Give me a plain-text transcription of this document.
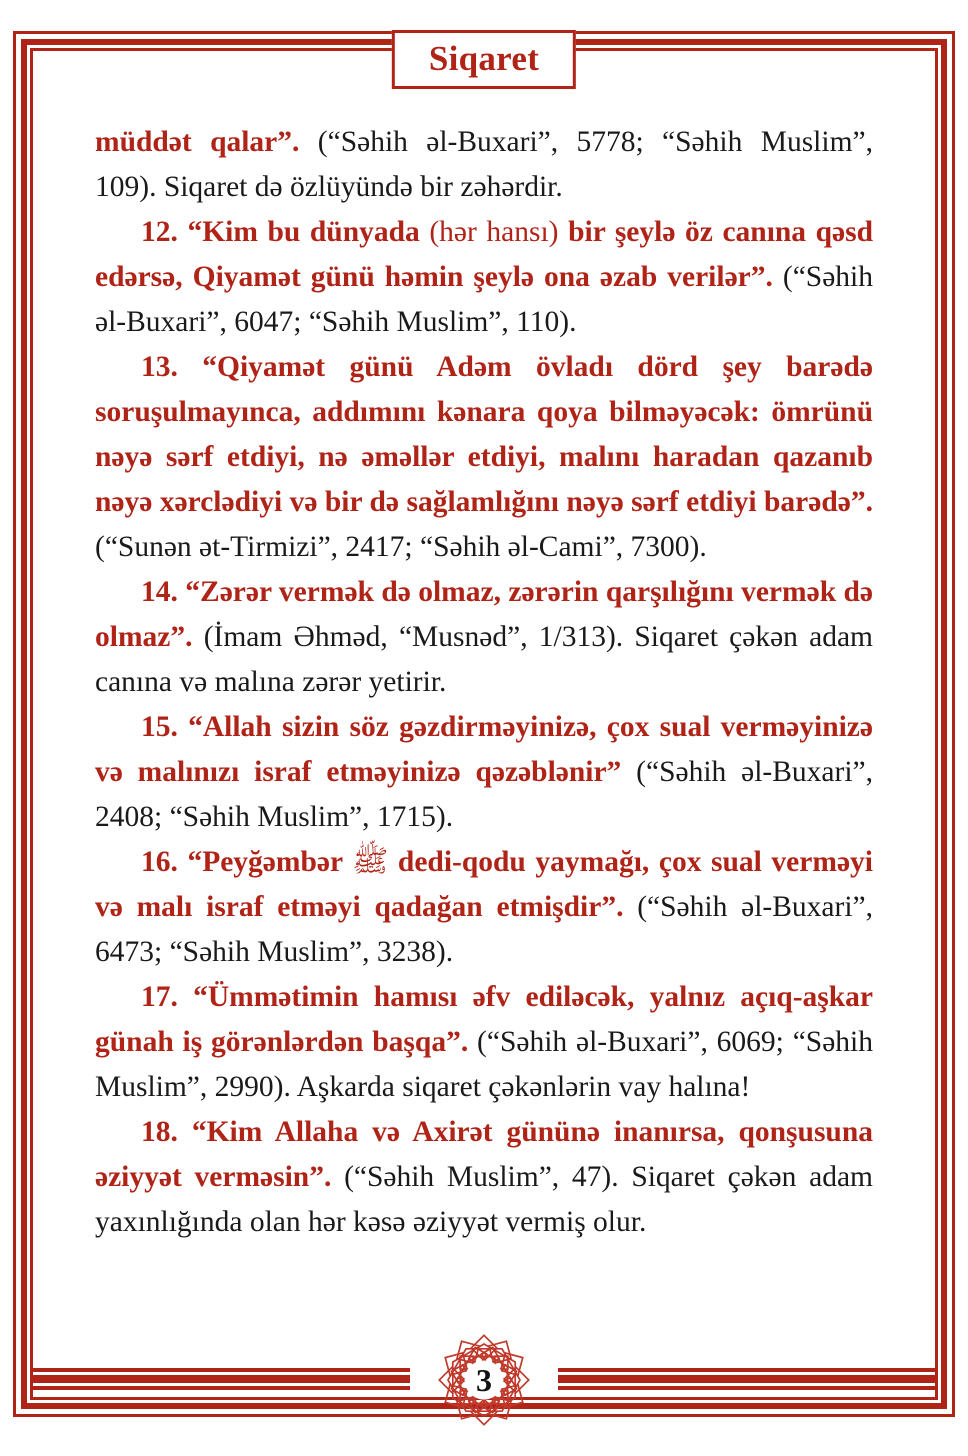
Siqaret

müddət qalar”. (“Səhih əl-Buxari”, 5778; “Səhih Muslim”, 109). Siqaret də özlüyündə bir zəhərdir.

12. “Kim bu dünyada (hər hansı) bir şeylə öz canına qəsd edərsə, Qiyamət günü həmin şeylə ona əzab verilər”. (“Səhih əl-Buxari”, 6047; “Səhih Muslim”, 110).

13. “Qiyamət günü Adəm övladı dörd şey barədə soruşulmayınca, addımını kənara qoya bilməyəcək: ömrünü nəyə sərf etdiyi, nə əməllər etdiyi, malını haradan qazanıb nəyə xərclədiyi və bir də sağlamlığını nəyə sərf etdiyi barədə”. (“Sunən ət-Tirmizi”, 2417; “Səhih əl-Cami”, 7300).

14. “Zərər vermək də olmaz, zərərin qarşılığını vermək də olmaz”. (İmam Əhməd, “Musnəd”, 1/313). Siqaret çəkən adam canına və malına zərər yetirir.

15. “Allah sizin söz gəzdirməyinizə, çox sual verməyinizə və malınızı israf etməyinizə qəzəblənir” (“Səhih əl-Buxari”, 2408; “Səhih Muslim”, 1715).

16. “Peyğəmbər ﷺ dedi-qodu yaymağı, çox sual verməyi və malı israf etməyi qadağan etmişdir”. (“Səhih əl-Buxari”, 6473; “Səhih Muslim”, 3238).

17. “Ümmətimin hamısı əfv ediləcək, yalnız açıq-aşkar günah iş görənlərdən başqa”. (“Səhih əl-Buxari”, 6069; “Səhih Muslim”, 2990). Aşkarda siqaret çəkənlərin vay halına!

18. “Kim Allaha və Axirət gününə inanırsa, qonşusuna əziyyət verməsin”. (“Səhih Muslim”, 47). Siqaret çəkən adam yaxınlığında olan hər kəsə əziyyət vermiş olur.

3
